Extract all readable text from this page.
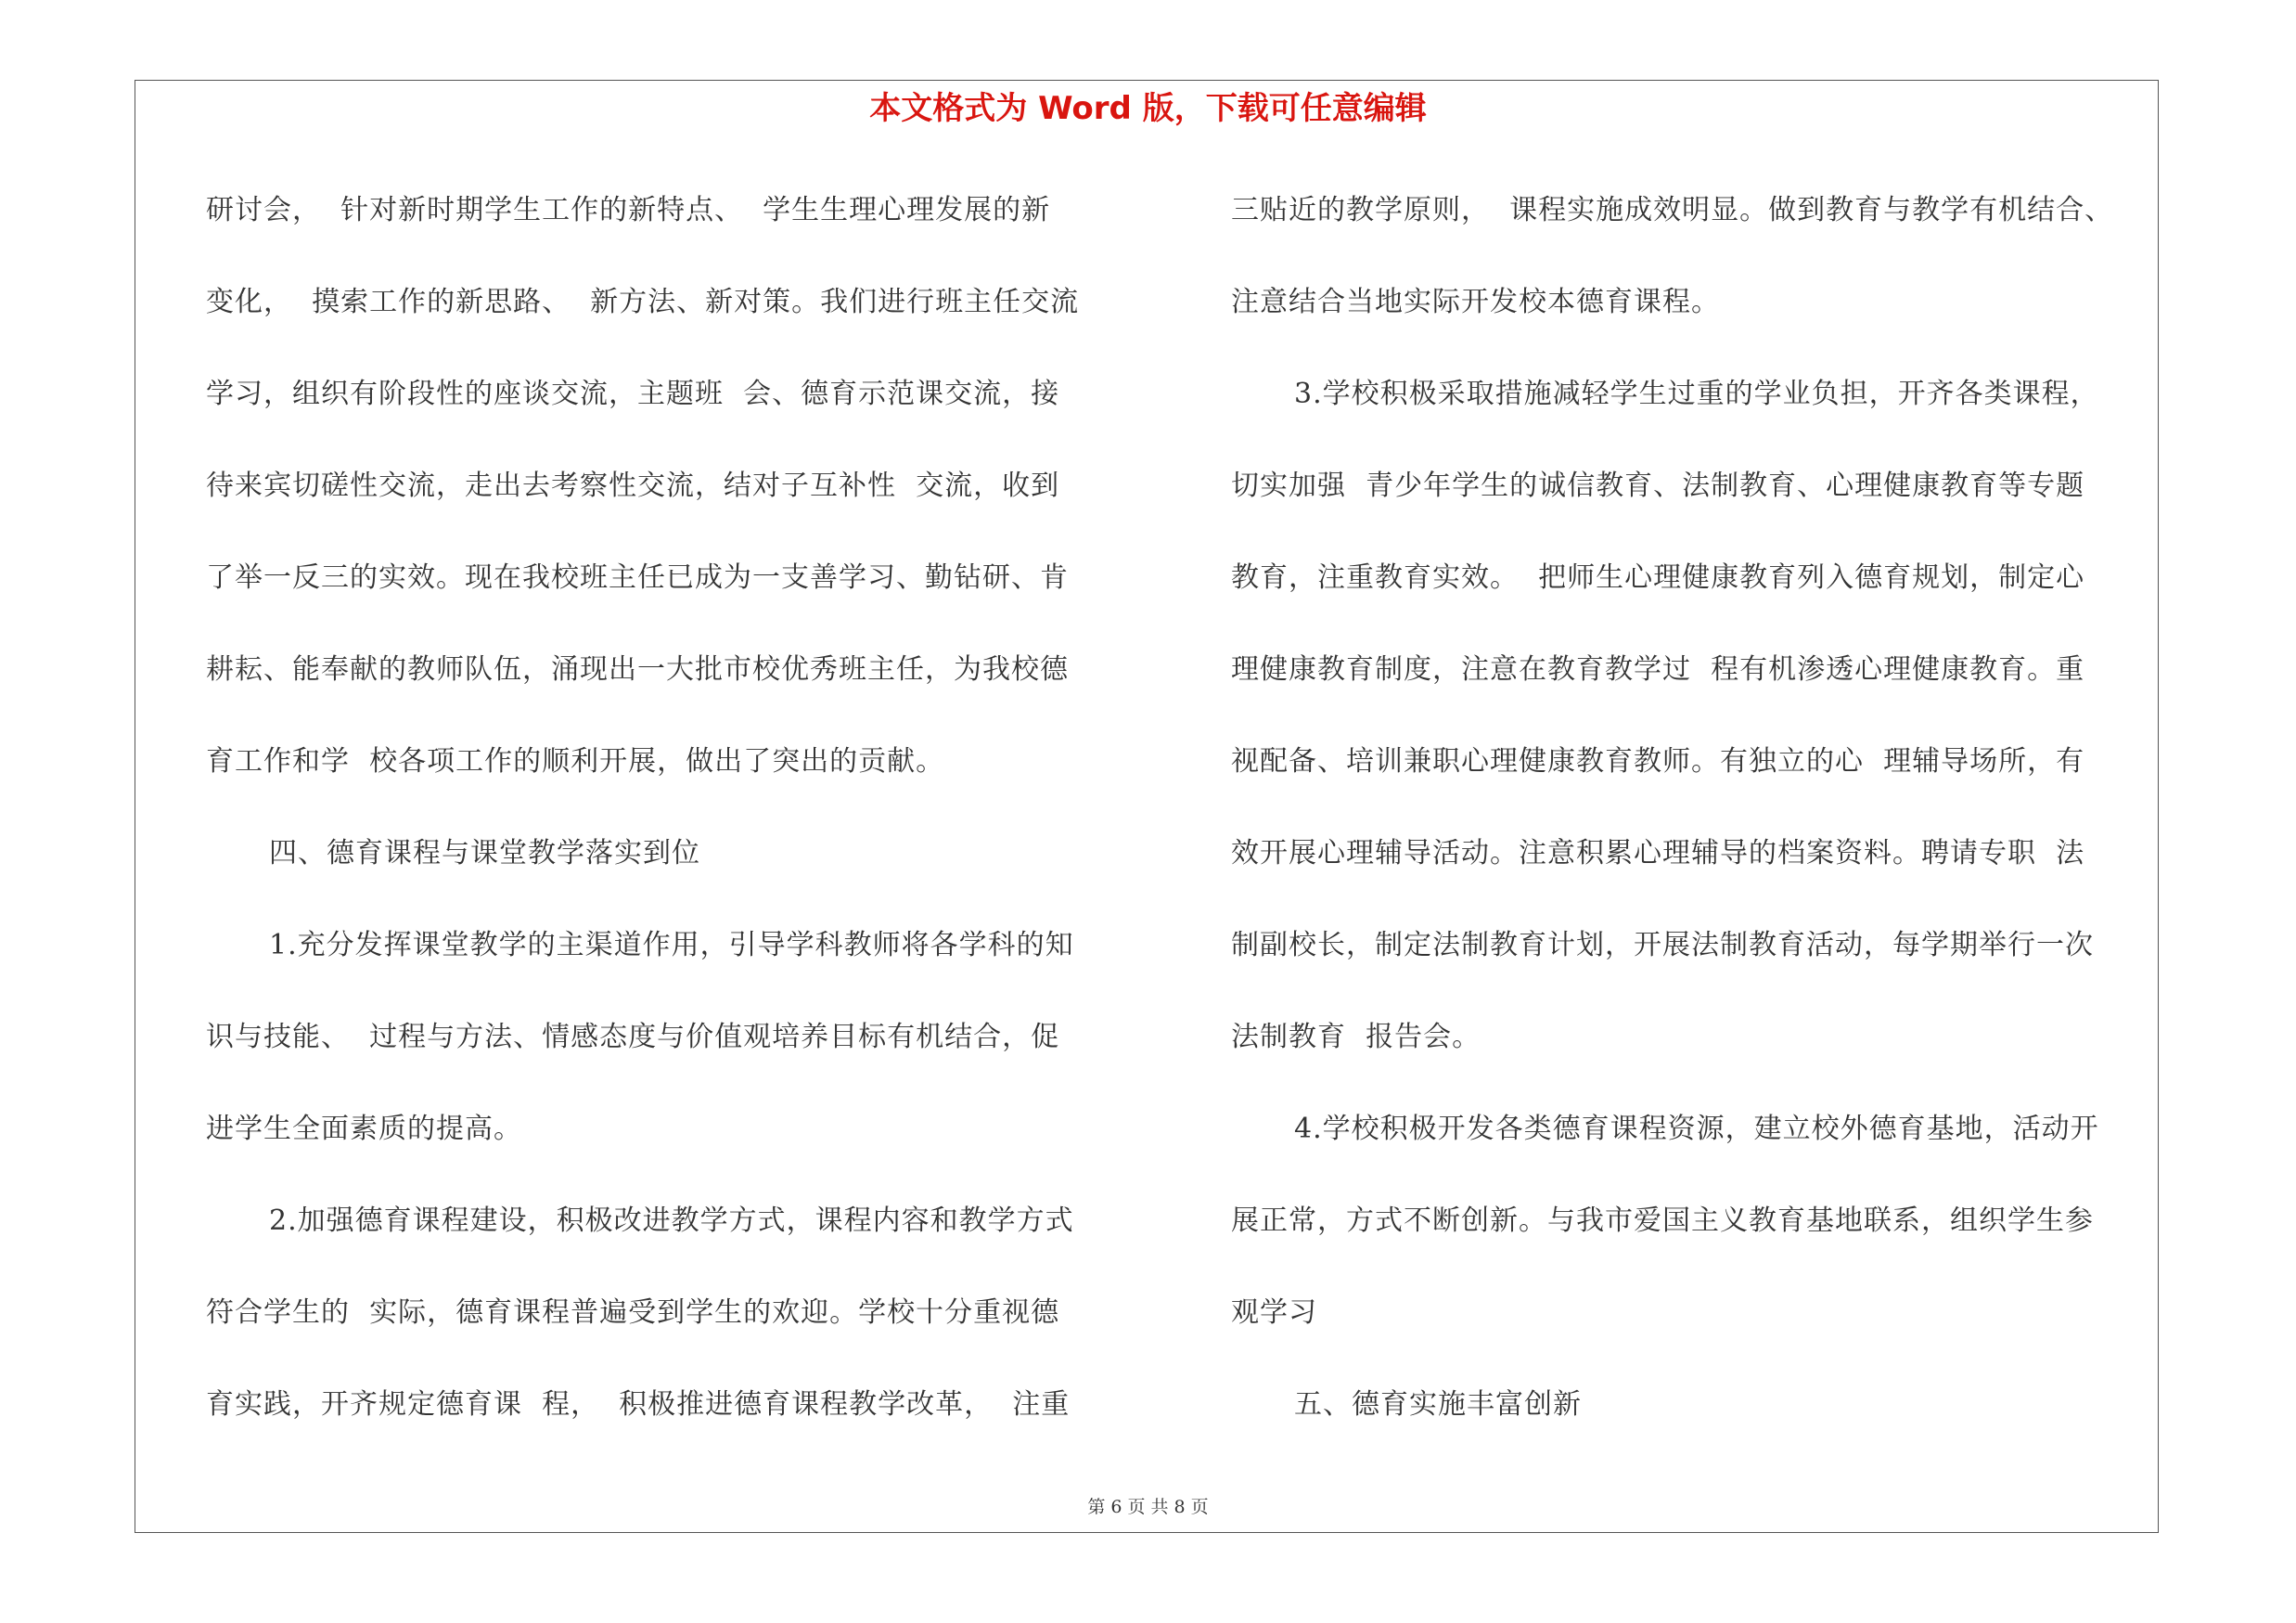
本文格式为 Word 版，下载可任意编辑
研讨会，  针对新时期学生工作的新特点、  学生生理心理发展的新
变化，  摸索工作的新思路、  新方法、新对策。我们进行班主任交流
学习，组织有阶段性的座谈交流，主题班  会、德育示范课交流，接
待来宾切磋性交流，走出去考察性交流，结对子互补性  交流，收到
了举一反三的实效。现在我校班主任已成为一支善学习、勤钻研、肯
耕耘、能奉献的教师队伍，涌现出一大批市校优秀班主任，为我校德
育工作和学  校各项工作的顺利开展，做出了突出的贡献。
四、德育课程与课堂教学落实到位
1.充分发挥课堂教学的主渠道作用，引导学科教师将各学科的知
识与技能、  过程与方法、情感态度与价值观培养目标有机结合，促
进学生全面素质的提高。
2.加强德育课程建设，积极改进教学方式，课程内容和教学方式
符合学生的  实际，德育课程普遍受到学生的欢迎。学校十分重视德
育实践，开齐规定德育课  程，  积极推进德育课程教学改革，  注重
三贴近的教学原则，  课程实施成效明显。做到教育与教学有机结合、
注意结合当地实际开发校本德育课程。
3.学校积极采取措施减轻学生过重的学业负担，开齐各类课程，
切实加强  青少年学生的诚信教育、法制教育、心理健康教育等专题
教育，注重教育实效。  把师生心理健康教育列入德育规划，制定心
理健康教育制度，注意在教育教学过  程有机渗透心理健康教育。重
视配备、培训兼职心理健康教育教师。有独立的心  理辅导场所，有
效开展心理辅导活动。注意积累心理辅导的档案资料。聘请专职  法
制副校长，制定法制教育计划，开展法制教育活动，每学期举行一次
法制教育  报告会。
4.学校积极开发各类德育课程资源，建立校外德育基地，活动开
展正常，方式不断创新。与我市爱国主义教育基地联系，组织学生参
观学习
五、德育实施丰富创新
第 6 页 共 8 页
